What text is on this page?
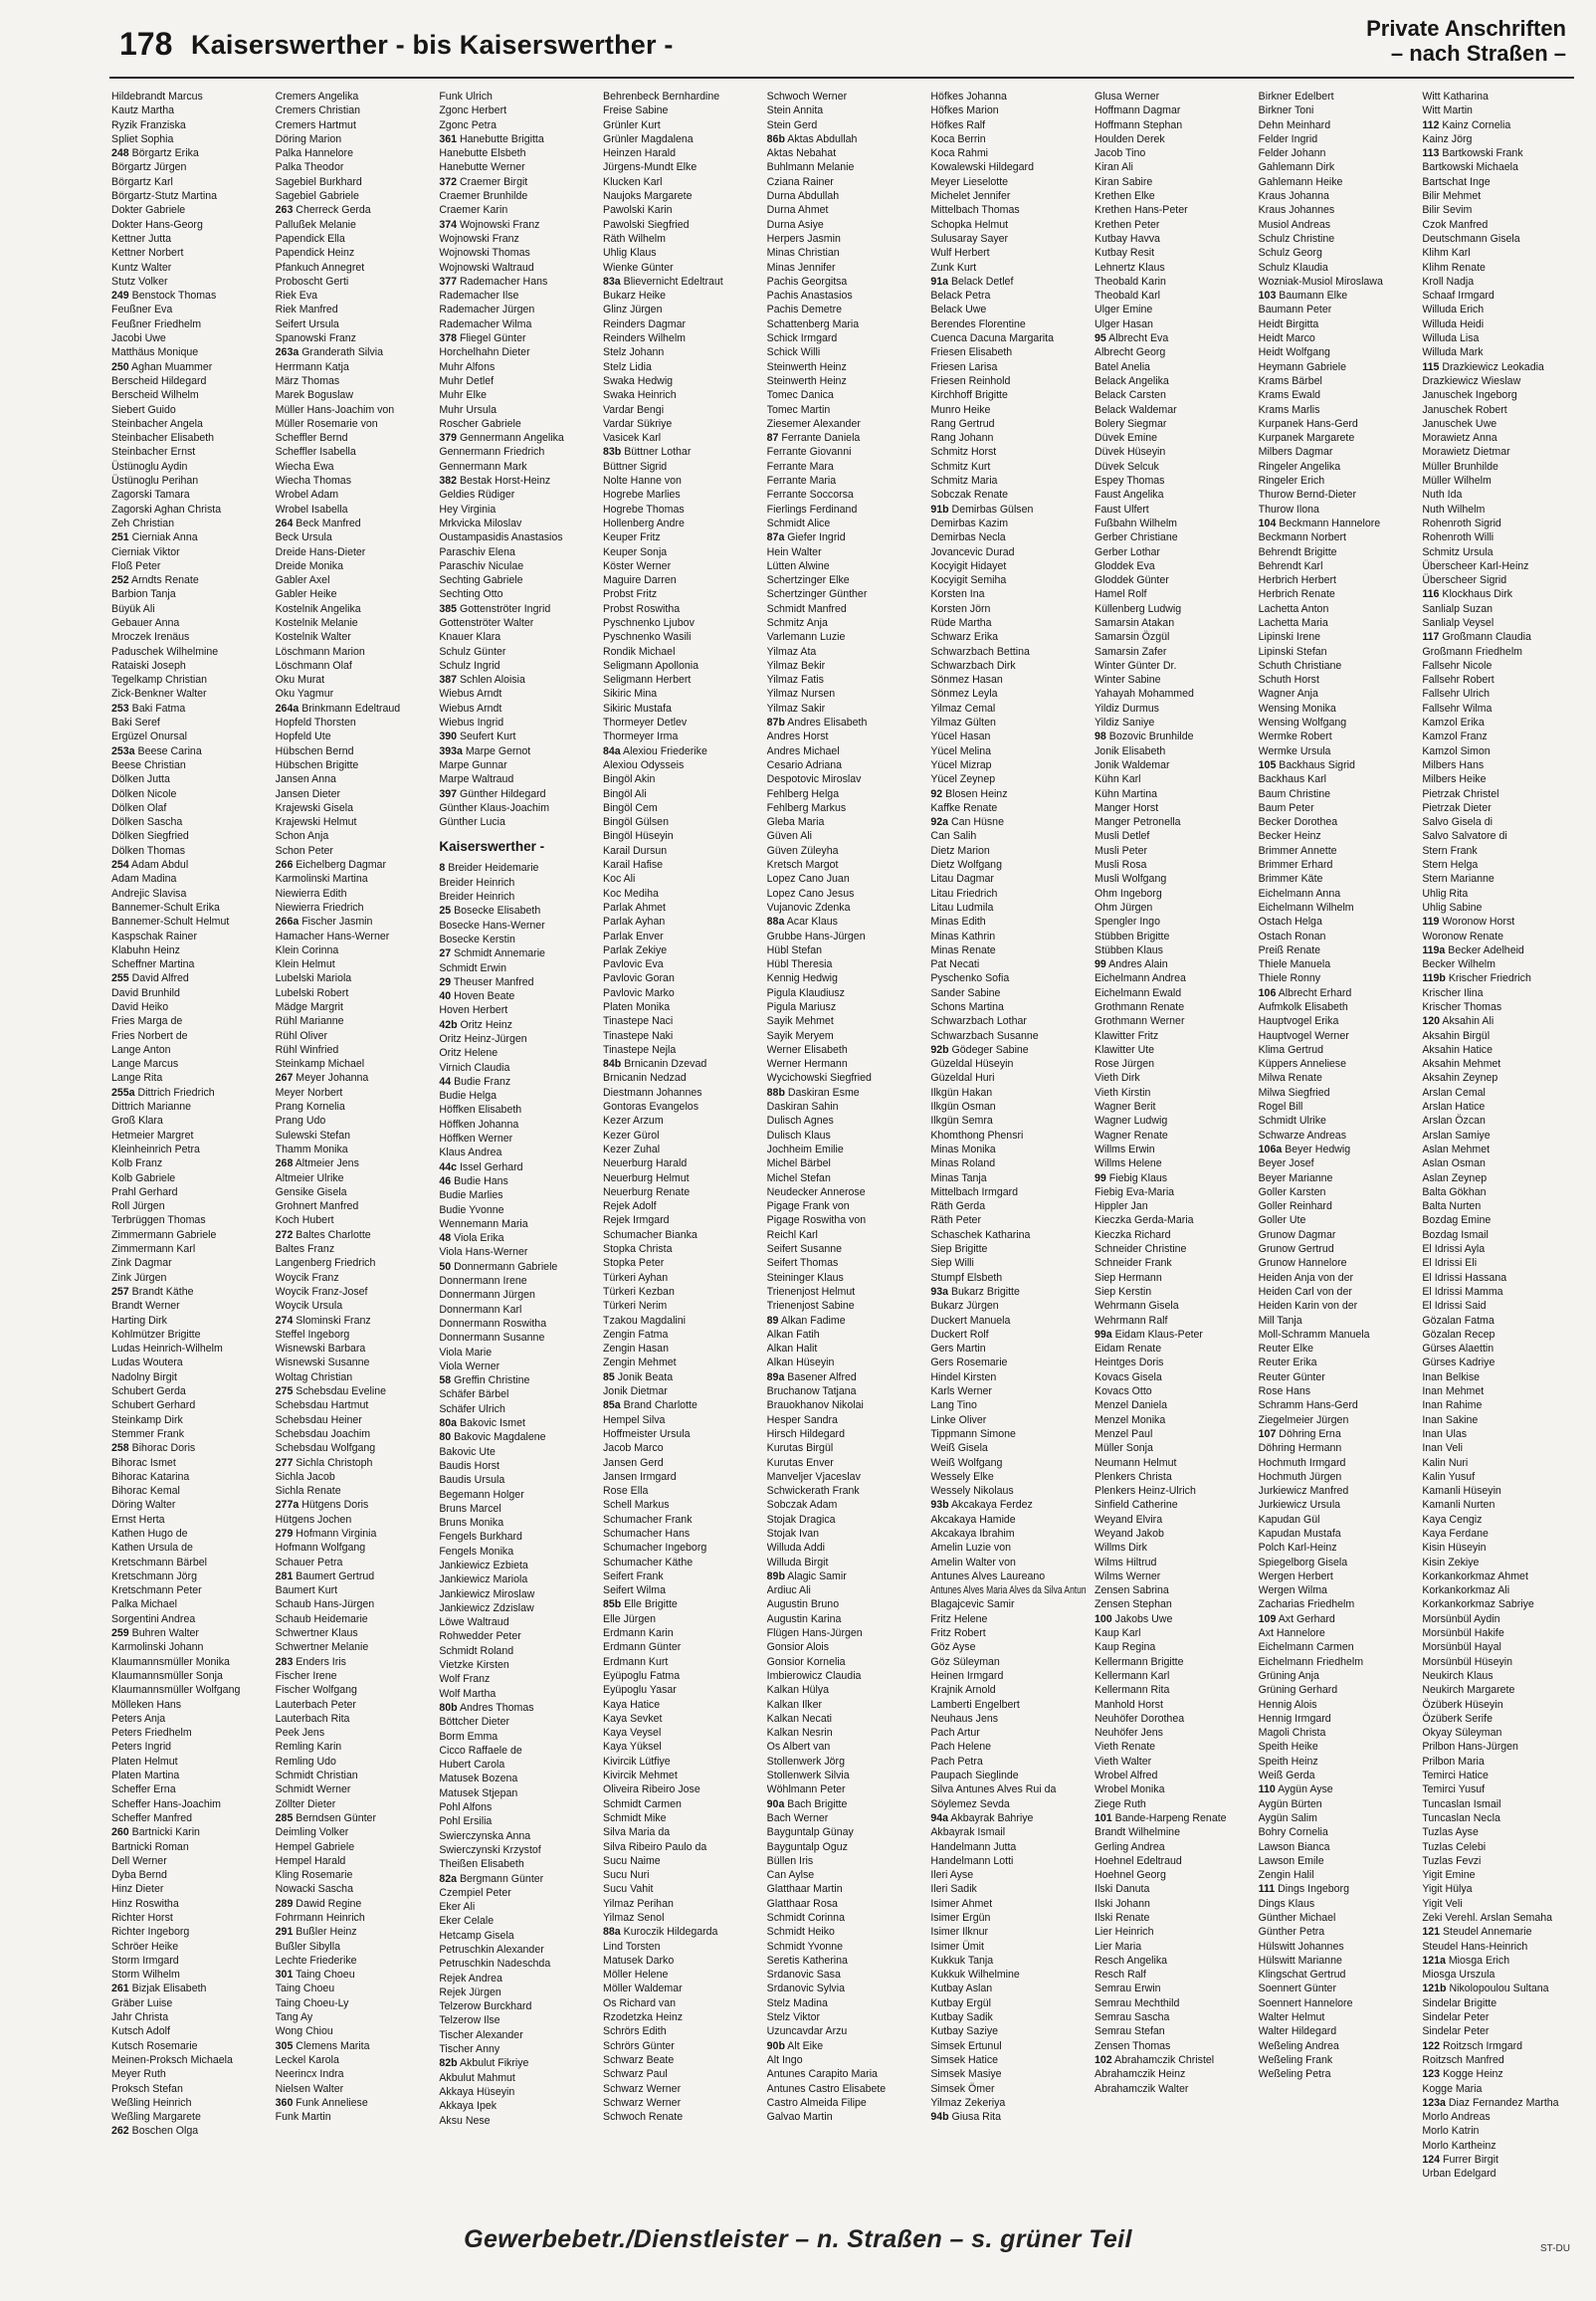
178 Kaiserswerther - bis Kaiserswerther -
Private Anschriften
– nach Straßen –
Hildebrandt Marcus
Kautz Martha
Ryzik Franziska
Spliet Sophia
248 Börgartz Erika
Börgartz Jürgen
Börgartz Karl
Börgartz-Stutz Martina
Dokter Gabriele
Dokter Hans-Georg
Kettner Jutta
Kettner Norbert
Kuntz Walter
Stutz Volker
249 Benstock Thomas
Feußner Eva
Feußner Friedhelm
Jacobi Uwe
Matthäus Monique
250 Aghan Muammer
Berscheid Hildegard
Berscheid Wilhelm
Siebert Guido
Steinbacher Angela
Steinbacher Elisabeth
Steinbacher Ernst
Üstünoglu Aydin
Üstünoglu Perihan
Zagorski Tamara
Zagorski Aghan Christa
Zeh Christian
251 Cierniak Anna
Cierniak Viktor
Floß Peter
252 Arndts Renate
Barbion Tanja
Büyük Ali
Gebauer Anna
Mroczek Irenäus
Paduschek Wilhelmine
Rataiski Joseph
Tegelkamp Christian
Zick-Benkner Walter
253 Baki Fatma
Baki Seref
Ergüzel Onursal
253a Beese Carina
Beese Christian
Dölken Jutta
Dölken Nicole
Dölken Olaf
Dölken Sascha
Dölken Siegfried
Dölken Thomas
254 Adam Abdul
Adam Madina
Andrejic Slavisa
Bannemer-Schult Erika
Bannemer-Schult Helmut
Kaspschak Rainer
Klabuhn Heinz
Scheffner Martina
255 David Alfred
David Brunhild
David Heiko
Fries Marga de
Fries Norbert de
Lange Anton
Lange Marcus
Lange Rita
255a Dittrich Friedrich
Dittrich Marianne
Groß Klara
Hetmeier Margret
Kleinheinrich Petra
Kolb Franz
Kolb Gabriele
Prahl Gerhard
Roll Jürgen
Terbrüggen Thomas
Zimmermann Gabriele
Zimmermann Karl
Zink Dagmar
Zink Jürgen
257 Brandt Käthe
Brandt Werner
Harting Dirk
Kohlmützer Brigitte
Ludas Heinrich-Wilhelm
Ludas Woutera
Nadolny Birgit
Schubert Gerda
Schubert Gerhard
Steinkamp Dirk
Stemmer Frank
258 Bihorac Doris
Bihorac Ismet
Bihorac Katarina
Bihorac Kemal
Döring Walter
Ernst Herta
Kathen Hugo de
Kathen Ursula de
Kretschmann Bärbel
Kretschmann Jörg
Kretschmann Peter
Palka Michael
Sorgentini Andrea
259 Buhren Walter
Karmolinski Johann
Klaumannsmüller Monika
Klaumannsmüller Sonja
Klaumannsmüller Wolfgang
Mölleken Hans
Peters Anja
Peters Friedhelm
Peters Ingrid
Platen Helmut
Platen Martina
Scheffer Erna
Scheffer Hans-Joachim
Scheffer Manfred
260 Bartnicki Karin
Bartnicki Roman
Dell Werner
Dyba Bernd
Hinz Dieter
Hinz Roswitha
Richter Horst
Richter Ingeborg
Schröer Heike
Storm Irmgard
Storm Wilhelm
261 Bizjak Elisabeth
Gräber Luise
Jahr Christa
Kutsch Adolf
Kutsch Rosemarie
Meinen-Proksch Michaela
Meyer Ruth
Proksch Stefan
Weßling Heinrich
Weßling Margarete
262 Boschen Olga
Cremers Angelika
Cremers Christian
Cremers Hartmut
Döring Marion
Palka Hannelore
Palka Theodor
Sagebiel Burkhard
Sagebiel Gabriele
263 Cherreck Gerda
Pallußek Melanie
Papendick Ella
Papendick Heinz
Pfankuch Annegret
Proboscht Gerti
Riek Eva
Riek Manfred
Seifert Ursula
Spanowski Franz
263a Granderath Silvia
Herrmann Katja
März Thomas
Marek Boguslaw
Müller Hans-Joachim von
Müller Rosemarie von
Scheffler Bernd
Scheffler Isabella
Wiecha Ewa
Wiecha Thomas
Wrobel Adam
Wrobel Isabella
264 Beck Manfred
Beck Ursula
Dreide Hans-Dieter
Dreide Monika
Gabler Axel
Gabler Heike
Kostelnik Angelika
Kostelnik Melanie
Kostelnik Walter
Löschmann Marion
Löschmann Olaf
Oku Murat
Oku Yagmur
264a Brinkmann Edeltraud
Hopfeld Thorsten
Hopfeld Ute
Hübschen Bernd
Hübschen Brigitte
Jansen Anna
Jansen Dieter
Krajewski Gisela
Krajewski Helmut
Schon Anja
Schon Peter
266 Eichelberg Dagmar
Karmolinski Martina
Niewierra Edith
Niewierra Friedrich
266a Fischer Jasmin
Hamacher Hans-Werner
Klein Corinna
Klein Helmut
Lubelski Mariola
Lubelski Robert
Mädge Margrit
Rühl Marianne
Rühl Oliver
Rühl Winfried
Steinkamp Michael
267 Meyer Johanna
Meyer Norbert
Prang Kornelia
Prang Udo
Sulewski Stefan
Thamm Monika
268 Altmeier Jens
Altmeier Ulrike
Gensike Gisela
Grohnert Manfred
Koch Hubert
272 Baltes Charlotte
Baltes Franz
Langenberg Friedrich
Woycik Franz
Woycik Franz-Josef
Woycik Ursula
274 Slominski Franz
Steffel Ingeborg
Wisnewski Barbara
Wisnewski Susanne
Woltag Christian
275 Schebsdau Eveline
Schebsdau Hartmut
Schebsdau Heiner
Schebsdau Joachim
Schebsdau Wolfgang
277 Sichla Christoph
Sichla Jacob
Sichla Renate
277a Hütgens Doris
Hütgens Jochen
279 Hofmann Virginia
Hofmann Wolfgang
Schauer Petra
281 Baumert Gertrud
Baumert Kurt
Schaub Hans-Jürgen
Schaub Heidemarie
Schwertner Klaus
Schwertner Melanie
283 Enders Iris
Fischer Irene
Fischer Wolfgang
Lauterbach Peter
Lauterbach Rita
Peek Jens
Remling Karin
Remling Udo
Schmidt Christian
Schmidt Werner
Zöllter Dieter
285 Berndsen Günter
Deimling Volker
Hempel Gabriele
Hempel Harald
Kling Rosemarie
Nowacki Sascha
289 Dawid Regine
Fohrmann Heinrich
291 Bußler Heinz
Bußler Sibylla
Lechte Friederike
301 Taing Choeu
Taing Choeu
Taing Choeu-Ly
Tang Ay
Wong Chiou
305 Clemens Marita
Leckel Karola
Neerincx Indra
Nielsen Walter
360 Funk Anneliese
Funk Martin
Funk Ulrich
Zgonc Herbert
Zgonc Petra
361 Hanebutte Brigitta
Hanebutte Elsbeth
Hanebutte Werner
372 Craemer Birgit
Craemer Brunhilde
Craemer Karin
374 Wojnowski Franz
Wojnowski Franz
Wojnowski Thomas
Wojnowski Waltraud
377 Rademacher Hans
Rademacher Ilse
Rademacher Jürgen
Rademacher Wilma
378 Fliegel Günter
Horchelhahn Dieter
Muhr Alfons
Muhr Detlef
Muhr Elke
Muhr Ursula
Roscher Gabriele
379 Gennermann Angelika
Gennermann Friedrich
Gennermann Mark
382 Bestak Horst-Heinz
Geldies Rüdiger
Hey Virginia
Mrkvicka Miloslav
Oustampasidis Anastasios
Paraschiv Elena
Paraschiv Niculae
Sechting Gabriele
Sechting Otto
385 Gottenströter Ingrid
Gottenströter Walter
Knauer Klara
Schulz Günter
Schulz Ingrid
387 Schlen Aloisia
Wiebus Arndt
Wiebus Arndt
Wiebus Ingrid
390 Seufert Kurt
393a Marpe Gernot
Marpe Gunnar
Marpe Waltraud
397 Günther Hildegard
Günther Klaus-Joachim
Günther Lucia
Kaiserswerther -
8 Breider Heidemarie
Breider Heinrich
Breider Heinrich
25 Bosecke Elisabeth
Bosecke Hans-Werner
Bosecke Kerstin
27 Schmidt Annemarie
Schmidt Erwin
29 Theuser Manfred
40 Hoven Beate
Hoven Herbert
42b Oritz Heinz
Oritz Heinz-Jürgen
Oritz Helene
Virnich Claudia
44 Budie Franz
Budie Helga
Höffken Elisabeth
Höffken Johanna
Höffken Werner
Klaus Andrea
44c Issel Gerhard
46 Budie Hans
Budie Marlies
Budie Yvonne
Wennemann Maria
48 Viola Erika
Viola Hans-Werner
50 Donnermann Gabriele
Donnermann Irene
Donnermann Jürgen
Donnermann Karl
Donnermann Roswitha
Donnermann Susanne
Viola Marie
Viola Werner
58 Greffin Christine
Schäfer Bärbel
Schäfer Ulrich
80a Bakovic Ismet
80 Bakovic Magdalene
Bakovic Ute
Baudis Horst
Baudis Ursula
Begemann Holger
Bruns Marcel
Bruns Monika
Fengels Burkhard
Fengels Monika
Jankiewicz Ezbieta
Jankiewicz Mariola
Jankiewicz Miroslaw
Jankiewicz Zdzislaw
Löwe Waltraud
Rohwedder Peter
Schmidt Roland
Vietzke Kirsten
Wolf Franz
Wolf Martha
80b Andres Thomas
Böttcher Dieter
Borm Emma
Cicco Raffaele de
Hubert Carola
Matusek Bozena
Matusek Stjepan
Pohl Alfons
Pohl Ersilia
Swierczynska Anna
Swierczynski Krzystof
Theißen Elisabeth
82a Bergmann Günter
Czempiel Peter
Eker Ali
Eker Celale
Hetcamp Gisela
Petruschkin Alexander
Petruschkin Nadeschda
Rejek Andrea
Rejek Jürgen
Telzerow Burckhard
Telzerow Ilse
Tischer Alexander
Tischer Anny
82b Akbulut Fikriye
Akbulut Mahmut
Akkaya Hüseyin
Akkaya Ipek
Aksu Nese
Behrenbeck Bernhardine
Freise Sabine
Grünler Kurt
Grünler Magdalena
Heinzen Harald
Jürgens-Mundt Elke
Klucken Karl
Naujoks Margarete
Pawolski Karin
Pawolski Siegfried
Räth Wilhelm
Uhlig Klaus
Wienke Günter
83a Blievernicht Edeltraut
Bukarz Heike
Glinz Jürgen
Reinders Dagmar
Reinders Wilhelm
Stelz Johann
Stelz Lidia
Swaka Hedwig
Swaka Heinrich
Vardar Bengi
Vardar Sükriye
Vasicek Karl
83b Büttner Lothar
Büttner Sigrid
Nolte Hanne von
Hogrebe Marlies
Hogrebe Thomas
Hollenberg Andre
Keuper Fritz
Keuper Sonja
Köster Werner
Maguire Darren
Probst Fritz
Probst Roswitha
Pyschnenko Ljubov
Pyschnenko Wasili
Rondik Michael
Seligmann Apollonia
Seligmann Herbert
Sikiric Mina
Sikiric Mustafa
Thormeyer Detlev
Thormeyer Irma
84a Alexiou Friederike
Alexiou Odysseis
Bingöl Akin
Bingöl Ali
Bingöl Cem
Bingöl Gülsen
Bingöl Hüseyin
Karail Dursun
Karail Hafise
Koc Ali
Koc Mediha
Parlak Ahmet
Parlak Ayhan
Parlak Enver
Parlak Zekiye
Pavlovic Eva
Pavlovic Goran
Pavlovic Marko
Platen Monika
Tinastepe Naci
Tinastepe Naki
Tinastepe Nejla
84b Brnicanin Dzevad
Brnicanin Nedzad
Diestmann Johannes
Gontoras Evangelos
Kezer Arzum
Kezer Gürol
Kezer Zuhal
Neuerburg Harald
Neuerburg Helmut
Neuerburg Renate
Rejek Adolf
Rejek Irmgard
Schumacher Bianka
Stopka Christa
Stopka Peter
Türkeri Ayhan
Türkeri Kezban
Türkeri Nerim
Tzakou Magdalini
Zengin Fatma
Zengin Hasan
Zengin Mehmet
85 Jonik Beata
Jonik Dietmar
85a Brand Charlotte
Hempel Silva
Hoffmeister Ursula
Jacob Marco
Jansen Gerd
Jansen Irmgard
Rose Ella
Schell Markus
Schumacher Frank
Schumacher Hans
Schumacher Ingeborg
Schumacher Käthe
Seifert Frank
Seifert Wilma
85b Elle Brigitte
Elle Jürgen
Erdmann Karin
Erdmann Günter
Erdmann Kurt
Eyüpoglu Fatma
Eyüpoglu Yasar
Kaya Hatice
Kaya Sevket
Kaya Veysel
Kaya Yüksel
Kivircik Lütfiye
Kivircik Mehmet
Oliveira Ribeiro Jose
Schmidt Carmen
Schmidt Mike
Silva Maria da
Silva Ribeiro Paulo da
Sucu Naime
Sucu Nuri
Sucu Vahit
Yilmaz Perihan
Yilmaz Senol
88a Kuroczik Hildegarda
Lind Torsten
Matusek Darko
Möller Helene
Möller Waldemar
Os Richard van
Rzodetzka Heinz
Schrörs Edith
Schrörs Günter
Schwarz Beate
Schwarz Paul
Schwarz Werner
Schwarz Werner
Schwoch Renate
Schwoch Werner
Stein Annita
Stein Gerd
86b Aktas Abdullah
Aktas Nebahat
Buhlmann Melanie
Cziana Rainer
Durna Abdullah
Durna Ahmet
Durna Asiye
Herpers Jasmin
Minas Christian
Minas Jennifer
Pachis Georgitsa
Pachis Anastasios
Pachis Demetre
Schattenberg Maria
Schick Irmgard
Schick Willi
Steinwerth Heinz
Steinwerth Heinz
Tomec Danica
Tomec Martin
Ziesemer Alexander
87 Ferrante Daniela
Ferrante Giovanni
Ferrante Mara
Ferrante Maria
Ferrante Soccorsa
Fierlings Ferdinand
Schmidt Alice
87a Giefer Ingrid
Hein Walter
Lütten Alwine
Schertzinger Elke
Schertzinger Günther
Schmidt Manfred
Schmitz Anja
Varlemann Luzie
Yilmaz Ata
Yilmaz Bekir
Yilmaz Fatis
Yilmaz Nursen
Yilmaz Sakir
87b Andres Elisabeth
Andres Horst
Andres Michael
Cesario Adriana
Despotovic Miroslav
Fehlberg Helga
Fehlberg Markus
Gleba Maria
Güven Ali
Güven Züleyha
Kretsch Margot
Lopez Cano Juan
Lopez Cano Jesus
Vujanovic Zdenka
88a Acar Klaus
Grubbe Hans-Jürgen
Hübl Stefan
Hübl Theresia
Kennig Hedwig
Pigula Klaudiusz
Pigula Mariusz
Sayik Mehmet
Sayik Meryem
Werner Elisabeth
Werner Hermann
Wycichowski Siegfried
88b Daskiran Esme
Daskiran Sahin
Dulisch Agnes
Dulisch Klaus
Jochheim Emilie
Michel Bärbel
Michel Stefan
Neudecker Annerose
Pigage Frank von
Pigage Roswitha von
Reichl Karl
Seifert Susanne
Seifert Thomas
Steininger Klaus
Trienenjost Helmut
Trienenjost Sabine
89 Alkan Fadime
Alkan Fatih
Alkan Halit
Alkan Hüseyin
89a Basener Alfred
Bruchanow Tatjana
Brauokhanov Nikolai
Hesper Sandra
Hirsch Hildegard
Kurutas Birgül
Kurutas Enver
Manveljer Vjaceslav
Schwickerath Frank
Sobczak Adam
Stojak Dragica
Stojak Ivan
Willuda Addi
Willuda Birgit
89b Alagic Samir
Ardiuc Ali
Augustin Bruno
Augustin Karina
Flügen Hans-Jürgen
Gonsior Alois
Gonsior Kornelia
Imbierowicz Claudia
Kalkan Hülya
Kalkan Ilker
Kalkan Necati
Kalkan Nesrin
Os Albert van
Stollenwerk Jörg
Stollenwerk Silvia
Wöhlmann Peter
90a Bach Brigitte
Bach Werner
Bayguntalp Günay
Bayguntalp Oguz
Büllen Iris
Can Aylse
Glatthaar Martin
Glatthaar Rosa
Schmidt Corinna
Schmidt Heiko
Schmidt Yvonne
Seretis Katherina
Srdanovic Sasa
Srdanovic Sylvia
Stelz Madina
Stelz Viktor
Uzuncavdar Arzu
90b Alt Eike
Alt Ingo
Antunes Carapito Maria
Antunes Castro Elisabete
Castro Almeida Filipe
Galvao Martin
Höfkes Johanna
Höfkes Marion
Höfkes Ralf
Koca Berrin
Koca Rahmi
Kowalewski Hildegard
Meyer Lieselotte
Michelet Jennifer
Mittelbach Thomas
Schopka Helmut
Sulusaray Sayer
Wulf Herbert
Zunk Kurt
91a Belack Detlef
Belack Petra
Belack Uwe
Berendes Florentine
Cuenca Dacuna Margarita
Friesen Elisabeth
Friesen Larisa
Friesen Reinhold
Kirchhoff Brigitte
Munro Heike
Rang Gertrud
Rang Johann
Schmitz Horst
Schmitz Kurt
Schmitz Maria
Sobczak Renate
91b Demirbas Gülsen
Demirbas Kazim
Demirbas Necla
Jovancevic Durad
Kocyigit Hidayet
Kocyigit Semiha
Korsten Ina
Korsten Jörn
Rüde Martha
Schwarz Erika
Schwarzbach Bettina
Schwarzbach Dirk
Sönmez Hasan
Sönmez Leyla
Yilmaz Cemal
Yilmaz Gülten
Yücel Hasan
Yücel Melina
Yücel Mizrap
Yücel Zeynep
92 Blosen Heinz
Kaffke Renate
92a Can Hüsne
Can Salih
Dietz Marion
Dietz Wolfgang
Litau Dagmar
Litau Friedrich
Litau Ludmila
Minas Edith
Minas Kathrin
Minas Renate
Pat Necati
Pyschenko Sofia
Sander Sabine
Schons Martina
Schwarzbach Lothar
Schwarzbach Susanne
92b Gödeger Sabine
Güzeldal Hüseyin
Güzeldal Huri
Ilkgün Hakan
Ilkgün Osman
Ilkgün Semra
Khomthong Phensri
Minas Monika
Minas Roland
Minas Tanja
Mittelbach Irmgard
Räth Gerda
Räth Peter
Schaschek Katharina
Siep Brigitte
Siep Willi
Stumpf Elsbeth
93a Bukarz Brigitte
Bukarz Jürgen
Duckert Manuela
Duckert Rolf
Gers Martin
Gers Rosemarie
Hindel Kirsten
Karls Werner
Lang Tino
Linke Oliver
Tippmann Simone
Weiß Gisela
Weiß Wolfgang
Wessely Elke
Wessely Nikolaus
93b Akcakaya Ferdez
Akcakaya Hamide
Akcakaya Ibrahim
Amelin Luzie von
Amelin Walter von
Antunes Alves Laureano
Antunes Alves Maria Alves da Silva Antun
Blagajcevic Samir
Fritz Helene
Fritz Robert
Göz Ayse
Göz Süleyman
Heinen Irmgard
Krajnik Arnold
Lamberti Engelbert
Neuhaus Jens
Pach Artur
Pach Helene
Pach Petra
Paupach Sieglinde
Silva Antunes Alves Rui da
Söylemez Sevda
94a Akbayrak Bahriye
Akbayrak Ismail
Handelmann Jutta
Handelmann Lotti
Ileri Ayse
Ileri Sadik
Isimer Ahmet
Isimer Ergün
Isimer Ilknur
Isimer Ümit
Kukkuk Tanja
Kukkuk Wilhelmine
Kutbay Aslan
Kutbay Ergül
Kutbay Sadik
Kutbay Saziye
Simsek Ertunul
Simsek Hatice
Simsek Masiye
Simsek Ömer
Yilmaz Zekeriya
94b Giusa Rita
Glusa Werner
Hoffmann Dagmar
Hoffmann Stephan
Houlden Derek
Jacob Tino
Kiran Ali
Kiran Sabire
Krethen Elke
Krethen Hans-Peter
Krethen Peter
Kutbay Havva
Kutbay Resit
Lehnertz Klaus
Theobald Karin
Theobald Karl
Ulger Emine
Ulger Hasan
95 Albrecht Eva
Albrecht Georg
Batel Anelia
Belack Angelika
Belack Carsten
Belack Waldemar
Bolery Siegmar
Düvek Emine
Düvek Hüseyin
Düvek Selcuk
Espey Thomas
Faust Angelika
Faust Ulfert
Fußbahn Wilhelm
Gerber Christiane
Gerber Lothar
Gloddek Eva
Gloddek Günter
Hamel Rolf
Küllenberg Ludwig
Samarsin Atakan
Samarsin Özgül
Samarsin Zafer
Winter Günter Dr.
Winter Sabine
Yahayah Mohammed
Yildiz Durmus
Yildiz Saniye
98 Bozovic Brunhilde
Jonik Elisabeth
Jonik Waldemar
Kühn Karl
Kühn Martina
Manger Horst
Manger Petronella
Musli Detlef
Musli Peter
Musli Rosa
Musli Wolfgang
Ohm Ingeborg
Ohm Jürgen
Spengler Ingo
Stübben Brigitte
Stübben Klaus
99 Andres Alain
Eichelmann Andrea
Eichelmann Ewald
Grothmann Renate
Grothmann Werner
Klawitter Fritz
Klawitter Ute
Rose Jürgen
Vieth Dirk
Vieth Kirstin
Wagner Berit
Wagner Ludwig
Wagner Renate
Willms Erwin
Willms Helene
99 Fiebig Klaus
Fiebig Eva-Maria
Hippler Jan
Kieczka Gerda-Maria
Kieczka Richard
Schneider Christine
Schneider Frank
Siep Hermann
Siep Kerstin
Wehrmann Gisela
Wehrmann Ralf
99a Eidam Klaus-Peter
Eidam Renate
Heintges Doris
Kovacs Gisela
Kovacs Otto
Menzel Daniela
Menzel Monika
Menzel Paul
Müller Sonja
Neumann Helmut
Plenkers Christa
Plenkers Heinz-Ulrich
Sinfield Catherine
Weyand Elvira
Weyand Jakob
Willms Dirk
Wilms Hiltrud
Wilms Werner
Zensen Sabrina
Zensen Stephan
100 Jakobs Uwe
Kaup Karl
Kaup Regina
Kellermann Brigitte
Kellermann Karl
Kellermann Rita
Manhold Horst
Neuhöfer Dorothea
Neuhöfer Jens
Vieth Renate
Vieth Walter
Wrobel Alfred
Wrobel Monika
Ziege Ruth
101 Bande-Harpeng Renate
Brandt Wilhelmine
Gerling Andrea
Hoehnel Edeltraud
Hoehnel Georg
Ilski Danuta
Ilski Johann
Ilski Renate
Lier Heinrich
Lier Maria
Resch Angelika
Resch Ralf
Semrau Erwin
Semrau Mechthild
Semrau Sascha
Semrau Stefan
Zensen Thomas
102 Abrahamczik Christel
Abrahamczik Heinz
Abrahamczik Walter
Birkner Edelbert
Birkner Toni
Dehn Meinhard
Felder Ingrid
Felder Johann
Gahlemann Dirk
Gahlemann Heike
Kraus Johanna
Kraus Johannes
Musiol Andreas
Schulz Christine
Schulz Georg
Schulz Klaudia
Wozniak-Musiol Miroslawa
103 Baumann Elke
Baumann Peter
Heidt Birgitta
Heidt Marco
Heidt Wolfgang
Heymann Gabriele
Krams Bärbel
Krams Ewald
Krams Marlis
Kurpanek Hans-Gerd
Kurpanek Margarete
Milbers Dagmar
Ringeler Angelika
Ringeler Erich
Thurow Bernd-Dieter
Thurow Ilona
104 Beckmann Hannelore
Beckmann Norbert
Behrendt Brigitte
Behrendt Karl
Herbrich Herbert
Herbrich Renate
Lachetta Anton
Lachetta Maria
Lipinski Irene
Lipinski Stefan
Schuth Christiane
Schuth Horst
Wagner Anja
Wensing Monika
Wensing Wolfgang
Wermke Robert
Wermke Ursula
105 Backhaus Sigrid
Backhaus Karl
Baum Christine
Baum Peter
Becker Dorothea
Becker Heinz
Brimmer Annette
Brimmer Erhard
Brimmer Käte
Eichelmann Anna
Eichelmann Wilhelm
Ostach Helga
Ostach Ronan
Preiß Renate
Thiele Manuela
Thiele Ronny
106 Albrecht Erhard
Aufmkolk Elisabeth
Hauptvogel Erika
Hauptvogel Werner
Klima Gertrud
Küppers Anneliese
Milwa Renate
Milwa Siegfried
Rogel Bill
Schmidt Ulrike
Schwarze Andreas
106a Beyer Hedwig
Beyer Josef
Beyer Marianne
Goller Karsten
Goller Reinhard
Goller Ute
Grunow Dagmar
Grunow Gertrud
Grunow Hannelore
Heiden Anja von der
Heiden Carl von der
Heiden Karin von der
Mill Tanja
Moll-Schramm Manuela
Reuter Elke
Reuter Erika
Reuter Günter
Rose Hans
Schramm Hans-Gerd
Ziegelmeier Jürgen
107 Döhring Erna
Döhring Hermann
Hochmuth Irmgard
Hochmuth Jürgen
Jurkiewicz Manfred
Jurkiewicz Ursula
Kapudan Gül
Kapudan Mustafa
Polch Karl-Heinz
Spiegelborg Gisela
Wergen Herbert
Wergen Wilma
Zacharias Friedhelm
109 Axt Gerhard
Axt Hannelore
Eichelmann Carmen
Eichelmann Friedhelm
Grüning Anja
Grüning Gerhard
Hennig Alois
Hennig Irmgard
Magoli Christa
Speith Heike
Speith Heinz
Weiß Gerda
110 Aygün Ayse
Aygün Bürten
Aygün Salim
Bohry Cornelia
Lawson Bianca
Lawson Emile
Zengin Halil
111 Dings Ingeborg
Dings Klaus
Günther Michael
Günther Petra
Hülswitt Johannes
Hülswitt Marianne
Klingschat Gertrud
Soennert Günter
Soennert Hannelore
Walter Helmut
Walter Hildegard
Weßeling Andrea
Weßeling Frank
Weßeling Petra
Witt Katharina
Witt Martin
112 Kainz Cornelia
Kainz Jörg
113 Bartkowski Frank
Bartkowski Michaela
Bartschat Inge
Bilir Mehmet
Bilir Sevim
Czok Manfred
Deutschmann Gisela
Klihm Karl
Klihm Renate
Kroll Nadja
Schaaf Irmgard
Willuda Erich
Willuda Heidi
Willuda Lisa
Willuda Mark
115 Drazkiewicz Leokadia
Drazkiewicz Wieslaw
Januschek Ingeborg
Januschek Robert
Januschek Uwe
Morawietz Anna
Morawietz Dietmar
Müller Brunhilde
Müller Wilhelm
Nuth Ida
Nuth Wilhelm
Rohenroth Sigrid
Rohenroth Willi
Schmitz Ursula
Überscheer Karl-Heinz
Überscheer Sigrid
116 Klockhaus Dirk
Sanlialp Suzan
Sanlialp Veysel
117 Großmann Claudia
Großmann Friedhelm
Fallsehr Nicole
Fallsehr Robert
Fallsehr Ulrich
Fallsehr Wilma
Kamzol Erika
Kamzol Franz
Kamzol Simon
Milbers Hans
Milbers Heike
Pietrzak Christel
Pietrzak Dieter
Salvo Gisela di
Salvo Salvatore di
Stern Frank
Stern Helga
Stern Marianne
Uhlig Rita
Uhlig Sabine
119 Woronow Horst
Woronow Renate
119a Becker Adelheid
Becker Wilhelm
119b Krischer Friedrich
Krischer Ilina
Krischer Thomas
120 Aksahin Ali
Aksahin Birgül
Aksahin Hatice
Aksahin Mehmet
Aksahin Zeynep
Arslan Cemal
Arslan Hatice
Arslan Özcan
Arslan Samiye
Aslan Mehmet
Aslan Osman
Aslan Zeynep
Balta Gökhan
Balta Nurten
Bozdag Emine
Bozdag Ismail
El Idrissi Ayla
El Idrissi Eli
El Idrissi Hassana
El Idrissi Mamma
El Idrissi Said
Gözalan Fatma
Gözalan Recep
Gürses Alaettin
Gürses Kadriye
Inan Belkise
Inan Mehmet
Inan Rahime
Inan Sakine
Inan Ulas
Inan Veli
Kalin Nuri
Kalin Yusuf
Kamanli Hüseyin
Kamanli Nurten
Kaya Cengiz
Kaya Ferdane
Kisin Hüseyin
Kisin Zekiye
Korkankorkmaz Ahmet
Korkankorkmaz Ali
Korkankorkmaz Sabriye
Morsünbül Aydin
Morsünbül Hakife
Morsünbül Hayal
Morsünbül Hüseyin
Neukirch Klaus
Neukirch Margarete
Özüberk Hüseyin
Özüberk Serife
Okyay Süleyman
Prilbon Hans-Jürgen
Prilbon Maria
Temirci Hatice
Temirci Yusuf
Tuncaslan Ismail
Tuncaslan Necla
Tuzlas Ayse
Tuzlas Celebi
Tuzlas Fevzi
Yigit Emine
Yigit Hülya
Yigit Veli
Zeki Verehl. Arslan Semaha
121 Steudel Annemarie
Steudel Hans-Heinrich
121a Miosga Erich
Miosga Urszula
121b Nikolopoulou Sultana
Sindelar Brigitte
Sindelar Peter
Sindelar Peter
122 Roitzsch Irmgard
Roitzsch Manfred
123 Kogge Heinz
Kogge Maria
123a Diaz Fernandez Martha
Morlo Andreas
Morlo Katrin
Morlo Kartheinz
124 Furrer Birgit
Urban Edelgard
Gewerbebetr./Dienstleister – n. Straßen – s. grüner Teil	ST-DU
